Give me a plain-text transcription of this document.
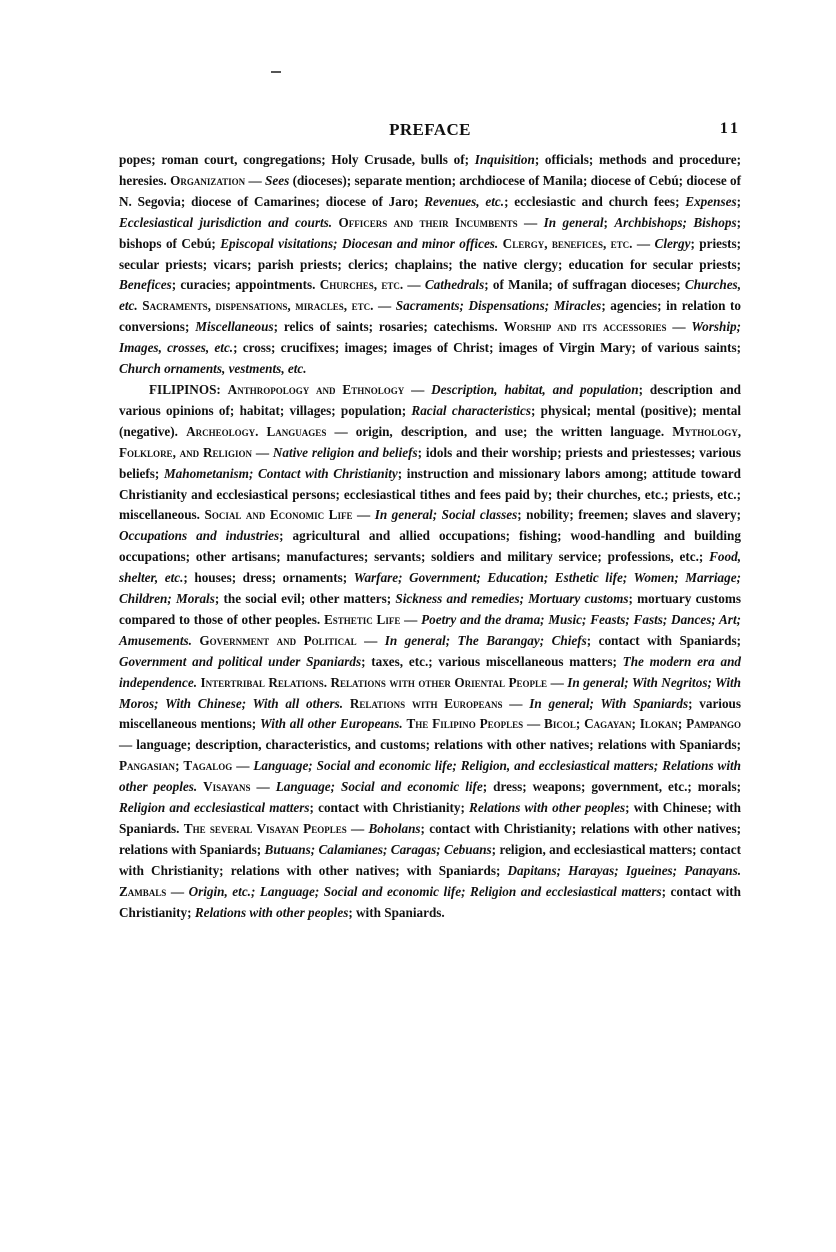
PREFACE	11

popes; roman court, congregations; Holy Crusade, bulls of; Inquisition; officials; methods and procedure; heresies. Organization — Sees (dioceses); separate mention; archdiocese of Manila; diocese of Cebú; diocese of N. Segovia; diocese of Camarines; diocese of Jaro; Revenues, etc.; ecclesiastic and church fees; Expenses; Ecclesiastical jurisdiction and courts. Officers and their Incumbents — In general; Archbishops; Bishops; bishops of Cebú; Episcopal visitations; Diocesan and minor offices. Clergy, benefices, etc. — Clergy; priests; secular priests; vicars; parish priests; clerics; chaplains; the native clergy; education for secular priests; Benefices; curacies; appointments. Churches, etc. — Cathedrals; of Manila; of suffragan dioceses; Churches, etc. Sacraments, dispensations, miracles, etc. — Sacraments; Dispensations; Miracles; agencies; in relation to conversions; Miscellaneous; relics of saints; rosaries; catechisms. Worship and its accessories — Worship; Images, crosses, etc.; cross; crucifixes; images; images of Christ; images of Virgin Mary; of various saints; Church ornaments, vestments, etc.

FILIPINOS: Anthropology and Ethnology — Description, habitat, and population; description and various opinions of; habitat; villages; population; Racial characteristics; physical; mental (positive); mental (negative). Archeology. Languages — origin, description, and use; the written language. Mythology, Folklore, and Religion — Native religion and beliefs; idols and their worship; priests and priestesses; various beliefs; Mahometanism; Contact with Christianity; instruction and missionary labors among; attitude toward Christianity and ecclesiastical persons; ecclesiastical tithes and fees paid by; their churches, etc.; priests, etc.; miscellaneous. Social and Economic Life — In general; Social classes; nobility; freemen; slaves and slavery; Occupations and industries; agricultural and allied occupations; fishing; wood-handling and building occupations; other artisans; manufactures; servants; soldiers and military service; professions, etc.; Food, shelter, etc.; houses; dress; ornaments; Warfare; Government; Education; Esthetic life; Women; Marriage; Children; Morals; the social evil; other matters; Sickness and remedies; Mortuary customs; mortuary customs compared to those of other peoples. Esthetic Life — Poetry and the drama; Music; Feasts; Fasts; Dances; Art; Amusements. Government and Political — In general; The Barangay; Chiefs; contact with Spaniards; Government and political under Spaniards; taxes, etc.; various miscellaneous matters; The modern era and independence. Intertribal Relations. Relations with other Oriental People — In general; With Negritos; With Moros; With Chinese; With all others. Relations with Europeans — In general; With Spaniards; various miscellaneous mentions; With all other Europeans. The Filipino Peoples — Bicol; Cagayan; Ilokan; Pampango — language; description, characteristics, and customs; relations with other natives; relations with Spaniards; Pangasian; Tagalog — Language; Social and economic life; Religion, and ecclesiastical matters; Relations with other peoples. Visayans — Language; Social and economic life; dress; weapons; government, etc.; morals; Religion and ecclesiastical matters; contact with Christianity; Relations with other peoples; with Chinese; with Spaniards. The several Visayan Peoples — Boholans; contact with Christianity; relations with other natives; relations with Spaniards; Butuans; Calamianes; Caragas; Cebuans; religion, and ecclesiastical matters; contact with Christianity; relations with other natives; with Spaniards; Dapitans; Harayas; Igueines; Panayans. Zambals — Origin, etc.; Language; Social and economic life; Religion and ecclesiastical matters; contact with Christianity; Relations with other peoples; with Spaniards.
